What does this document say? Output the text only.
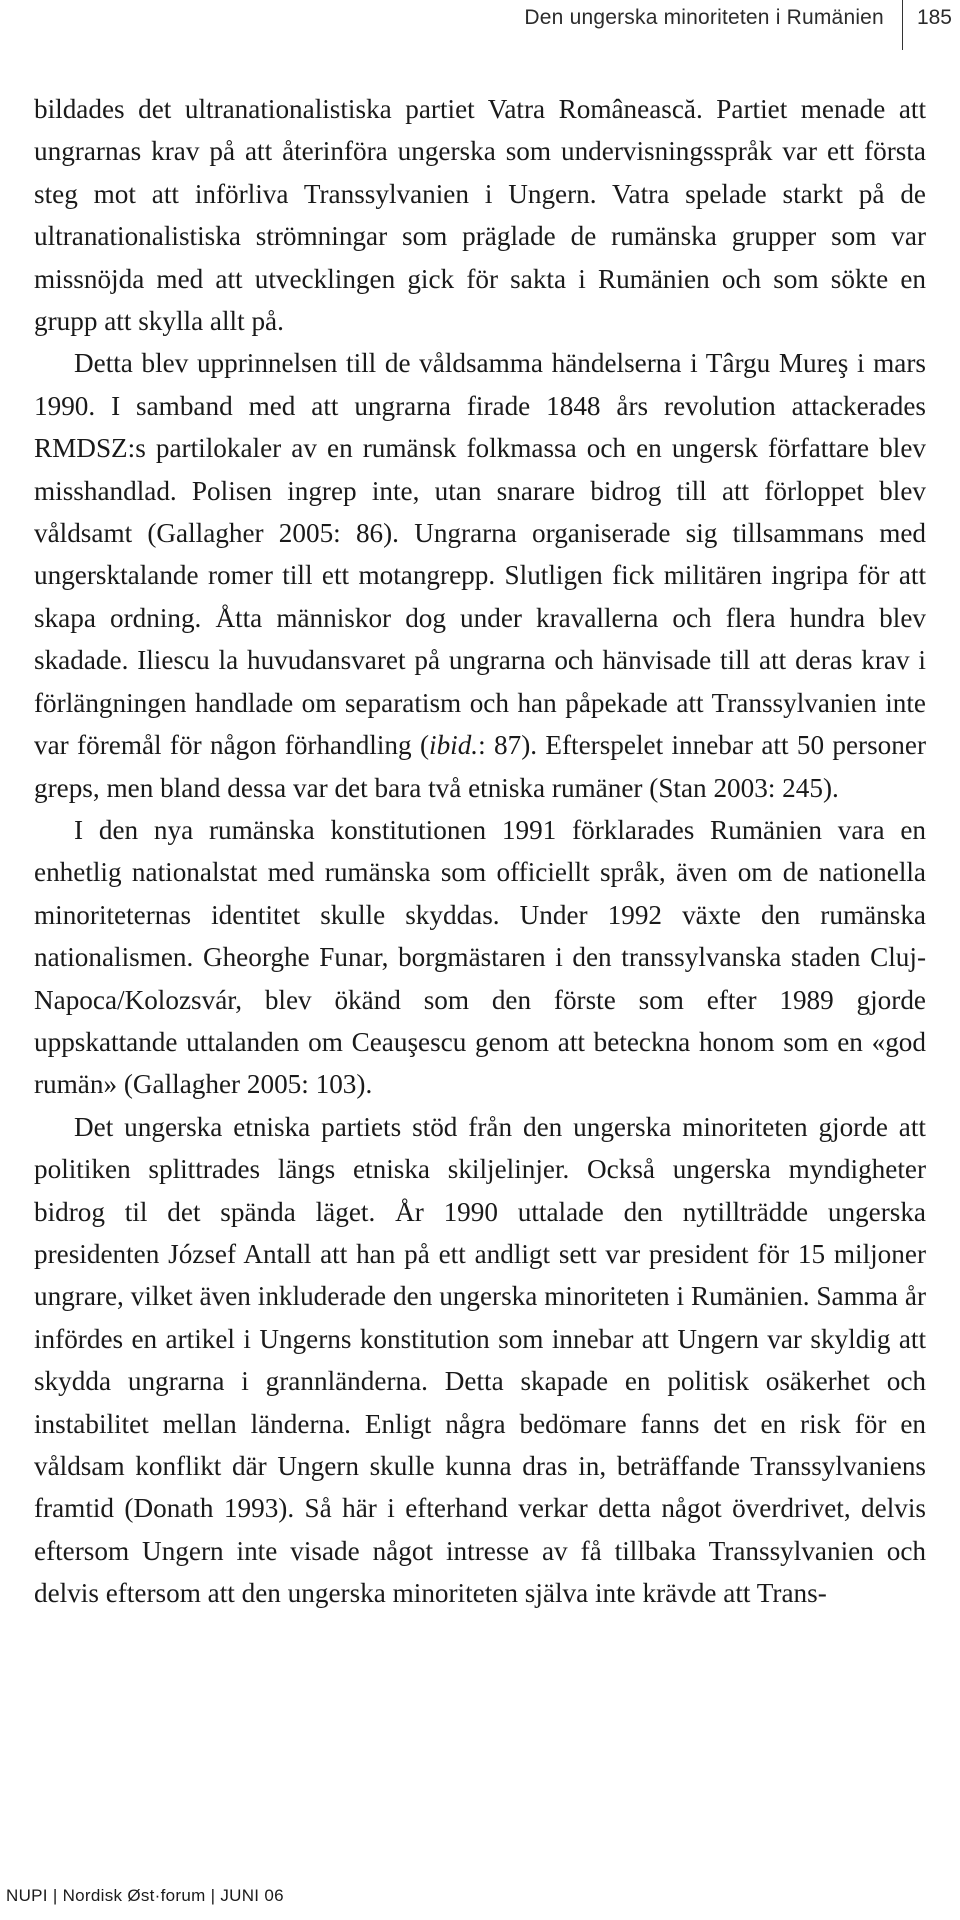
Den ungerska minoriteten i Rumänien	185

bildades det ultranationalistiska partiet Vatra Românească. Partiet menade att ungrarnas krav på att återinföra ungerska som undervisningsspråk var ett första steg mot att införliva Transsylvanien i Ungern. Vatra spelade starkt på de ultranationalistiska strömningar som präglade de rumänska grupper som var missnöjda med att utvecklingen gick för sakta i Rumänien och som sökte en grupp att skylla allt på.

Detta blev upprinnelsen till de våldsamma händelserna i Târgu Mureş i mars 1990. I samband med att ungrarna firade 1848 års revolution attackerades RMDSZ:s partilokaler av en rumänsk folkmassa och en ungersk författare blev misshandlad. Polisen ingrep inte, utan snarare bidrog till att förloppet blev våldsamt (Gallagher 2005: 86). Ungrarna organiserade sig tillsammans med ungersktalande romer till ett motangrepp. Slutligen fick militären ingripa för att skapa ordning. Åtta människor dog under kravallerna och flera hundra blev skadade. Iliescu la huvudansvaret på ungrarna och hänvisade till att deras krav i förlängningen handlade om separatism och han påpekade att Transsylvanien inte var föremål för någon förhandling (ibid.: 87). Efterspelet innebar att 50 personer greps, men bland dessa var det bara två etniska rumäner (Stan 2003: 245).

I den nya rumänska konstitutionen 1991 förklarades Rumänien vara en enhetlig nationalstat med rumänska som officiellt språk, även om de nationella minoriteternas identitet skulle skyddas. Under 1992 växte den rumänska nationalismen. Gheorghe Funar, borgmästaren i den transsylvanska staden Cluj-Napoca/Kolozsvár, blev ökänd som den förste som efter 1989 gjorde uppskattande uttalanden om Ceauşescu genom att beteckna honom som en «god rumän» (Gallagher 2005: 103).

Det ungerska etniska partiets stöd från den ungerska minoriteten gjorde att politiken splittrades längs etniska skiljelinjer. Också ungerska myndigheter bidrog til det spända läget. År 1990 uttalade den nytillträdde ungerska presidenten József Antall att han på ett andligt sett var president för 15 miljoner ungrare, vilket även inkluderade den ungerska minoriteten i Rumänien. Samma år infördes en artikel i Ungerns konstitution som innebar att Ungern var skyldig att skydda ungrarna i grannländerna. Detta skapade en politisk osäkerhet och instabilitet mellan länderna. Enligt några bedömare fanns det en risk för en våldsam konflikt där Ungern skulle kunna dras in, beträffande Transsylvaniens framtid (Donath 1993). Så här i efterhand verkar detta något överdrivet, delvis eftersom Ungern inte visade något intresse av få tillbaka Transsylvanien och delvis eftersom att den ungerska minoriteten själva inte krävde att Trans-

NUPI | Nordisk Øst·forum | JUNI 06
